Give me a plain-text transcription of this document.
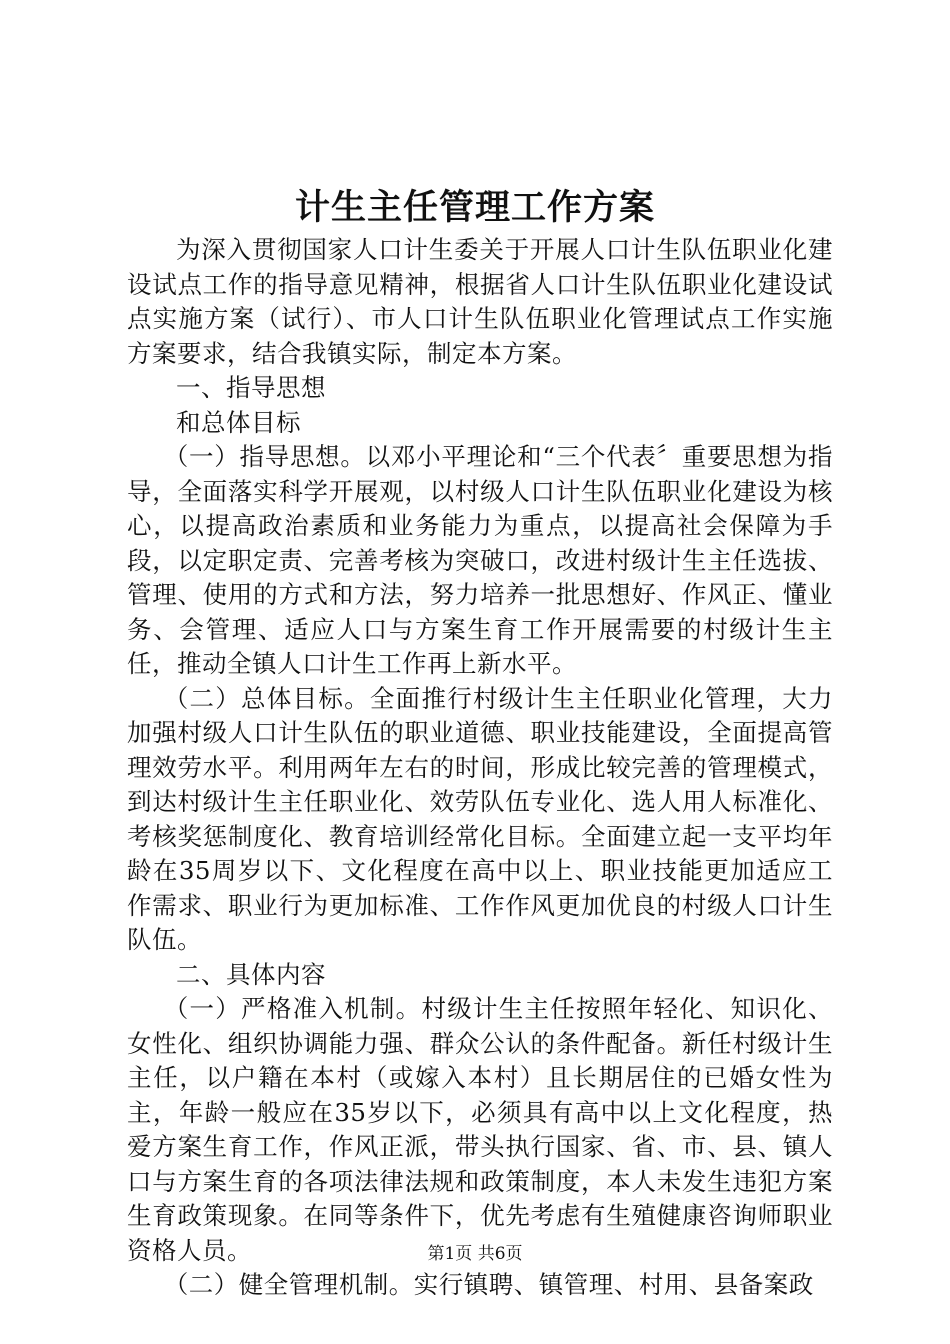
计生主任管理工作方案

为深入贯彻国家人口计生委关于开展人口计生队伍职业化建设试点工作的指导意见精神，根据省人口计生队伍职业化建设试点实施方案（试行）、市人口计生队伍职业化管理试点工作实施方案要求，结合我镇实际，制定本方案。

一、指导思想

和总体目标

（一）指导思想。以邓小平理论和“三个代表〞重要思想为指导，全面落实科学开展观，以村级人口计生队伍职业化建设为核心，以提高政治素质和业务能力为重点，以提高社会保障为手段，以定职定责、完善考核为突破口，改进村级计生主任选拔、管理、使用的方式和方法，努力培养一批思想好、作风正、懂业务、会管理、适应人口与方案生育工作开展需要的村级计生主任，推动全镇人口计生工作再上新水平。

（二）总体目标。全面推行村级计生主任职业化管理，大力加强村级人口计生队伍的职业道德、职业技能建设，全面提高管理效劳水平。利用两年左右的时间，形成比较完善的管理模式，到达村级计生主任职业化、效劳队伍专业化、选人用人标准化、考核奖惩制度化、教育培训经常化目标。全面建立起一支平均年龄在35周岁以下、文化程度在高中以上、职业技能更加适应工作需求、职业行为更加标准、工作作风更加优良的村级人口计生队伍。

二、具体内容

（一）严格准入机制。村级计生主任按照年轻化、知识化、女性化、组织协调能力强、群众公认的条件配备。新任村级计生主任，以户籍在本村（或嫁入本村）且长期居住的已婚女性为主，年龄一般应在35岁以下，必须具有高中以上文化程度，热爱方案生育工作，作风正派，带头执行国家、省、市、县、镇人口与方案生育的各项法律法规和政策制度，本人未发生违犯方案生育政策现象。在同等条件下，优先考虑有生殖健康咨询师职业资格人员。

（二）健全管理机制。实行镇聘、镇管理、村用、县备案政

第1页 共6页
